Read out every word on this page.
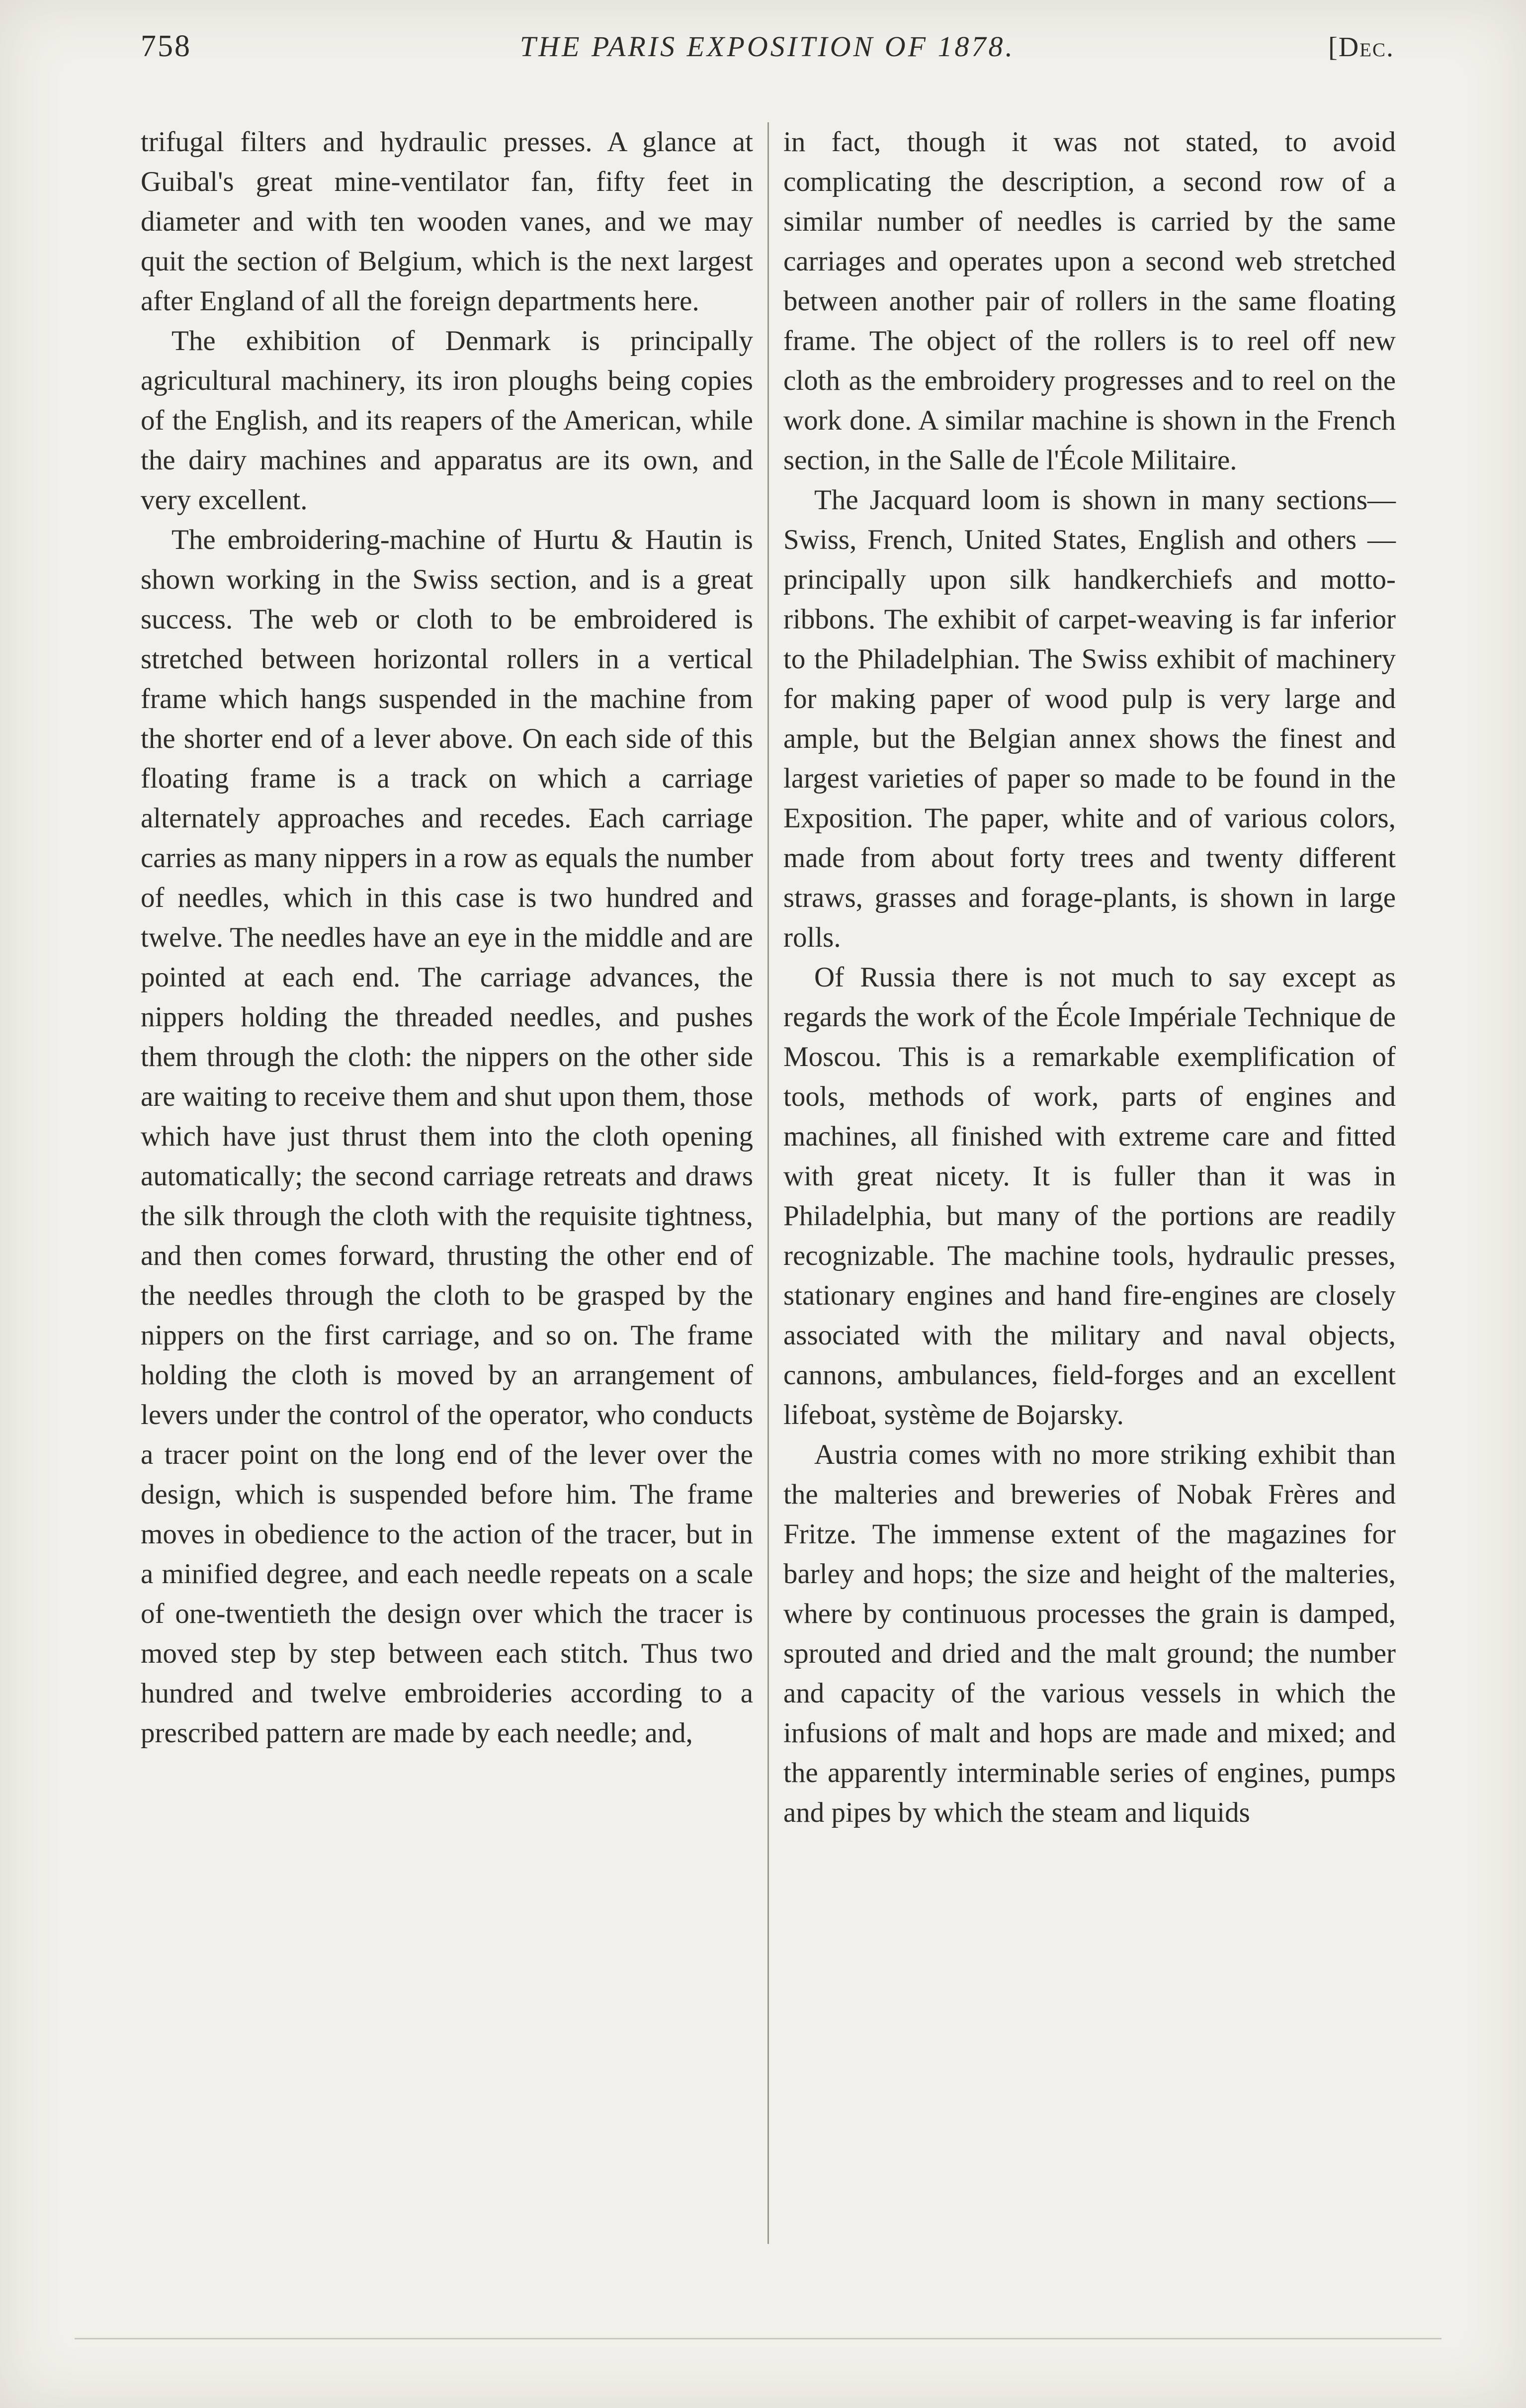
758	THE PARIS EXPOSITION OF 1878.	[Dec.

trifugal filters and hydraulic presses. A glance at Guibal's great mine-ventilator fan, fifty feet in diameter and with ten wooden vanes, and we may quit the section of Belgium, which is the next largest after England of all the foreign departments here.

The exhibition of Denmark is principally agricultural machinery, its iron ploughs being copies of the English, and its reapers of the American, while the dairy machines and apparatus are its own, and very excellent.

The embroidering-machine of Hurtu & Hautin is shown working in the Swiss section, and is a great success. The web or cloth to be embroidered is stretched between horizontal rollers in a vertical frame which hangs suspended in the machine from the shorter end of a lever above. On each side of this floating frame is a track on which a carriage alternately approaches and recedes. Each carriage carries as many nippers in a row as equals the number of needles, which in this case is two hundred and twelve. The needles have an eye in the middle and are pointed at each end. The carriage advances, the nippers holding the threaded needles, and pushes them through the cloth: the nippers on the other side are waiting to receive them and shut upon them, those which have just thrust them into the cloth opening automatically; the second carriage retreats and draws the silk through the cloth with the requisite tightness, and then comes forward, thrusting the other end of the needles through the cloth to be grasped by the nippers on the first carriage, and so on. The frame holding the cloth is moved by an arrangement of levers under the control of the operator, who conducts a tracer point on the long end of the lever over the design, which is suspended before him. The frame moves in obedience to the action of the tracer, but in a minified degree, and each needle repeats on a scale of one-twentieth the design over which the tracer is moved step by step between each stitch. Thus two hundred and twelve embroideries according to a prescribed pattern are made by each needle; and,

in fact, though it was not stated, to avoid complicating the description, a second row of a similar number of needles is carried by the same carriages and operates upon a second web stretched between another pair of rollers in the same floating frame. The object of the rollers is to reel off new cloth as the embroidery progresses and to reel on the work done. A similar machine is shown in the French section, in the Salle de l'École Militaire.

The Jacquard loom is shown in many sections—Swiss, French, United States, English and others — principally upon silk handkerchiefs and motto-ribbons. The exhibit of carpet-weaving is far inferior to the Philadelphian. The Swiss exhibit of machinery for making paper of wood pulp is very large and ample, but the Belgian annex shows the finest and largest varieties of paper so made to be found in the Exposition. The paper, white and of various colors, made from about forty trees and twenty different straws, grasses and forage-plants, is shown in large rolls.

Of Russia there is not much to say except as regards the work of the École Impériale Technique de Moscou. This is a remarkable exemplification of tools, methods of work, parts of engines and machines, all finished with extreme care and fitted with great nicety. It is fuller than it was in Philadelphia, but many of the portions are readily recognizable. The machine tools, hydraulic presses, stationary engines and hand fire-engines are closely associated with the military and naval objects, cannons, ambulances, field-forges and an excellent lifeboat, système de Bojarsky.

Austria comes with no more striking exhibit than the malteries and breweries of Nobak Frères and Fritze. The immense extent of the magazines for barley and hops; the size and height of the malteries, where by continuous processes the grain is damped, sprouted and dried and the malt ground; the number and capacity of the various vessels in which the infusions of malt and hops are made and mixed; and the apparently interminable series of engines, pumps and pipes by which the steam and liquids
